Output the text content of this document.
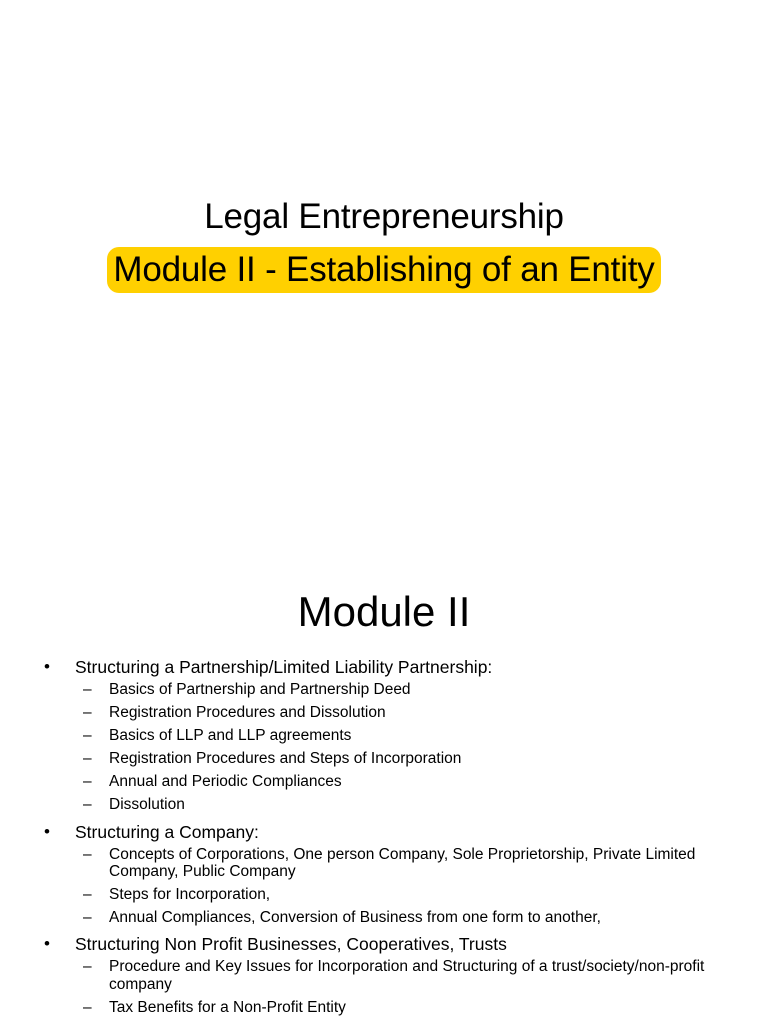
Legal Entrepreneurship
Module II - Establishing of an Entity
Module II
• Structuring a Partnership/Limited Liability Partnership:
– Basics of Partnership and Partnership Deed
– Registration Procedures and Dissolution
– Basics of LLP and LLP agreements
– Registration Procedures and Steps of Incorporation
– Annual and Periodic Compliances
– Dissolution
• Structuring a Company:
– Concepts of Corporations, One person Company, Sole Proprietorship, Private Limited Company, Public Company
– Steps for Incorporation,
– Annual Compliances, Conversion of Business from one form to another,
• Structuring Non Profit Businesses, Cooperatives, Trusts
– Procedure and Key Issues for Incorporation and Structuring of a trust/society/non-profit company
– Tax Benefits for a Non-Profit Entity
